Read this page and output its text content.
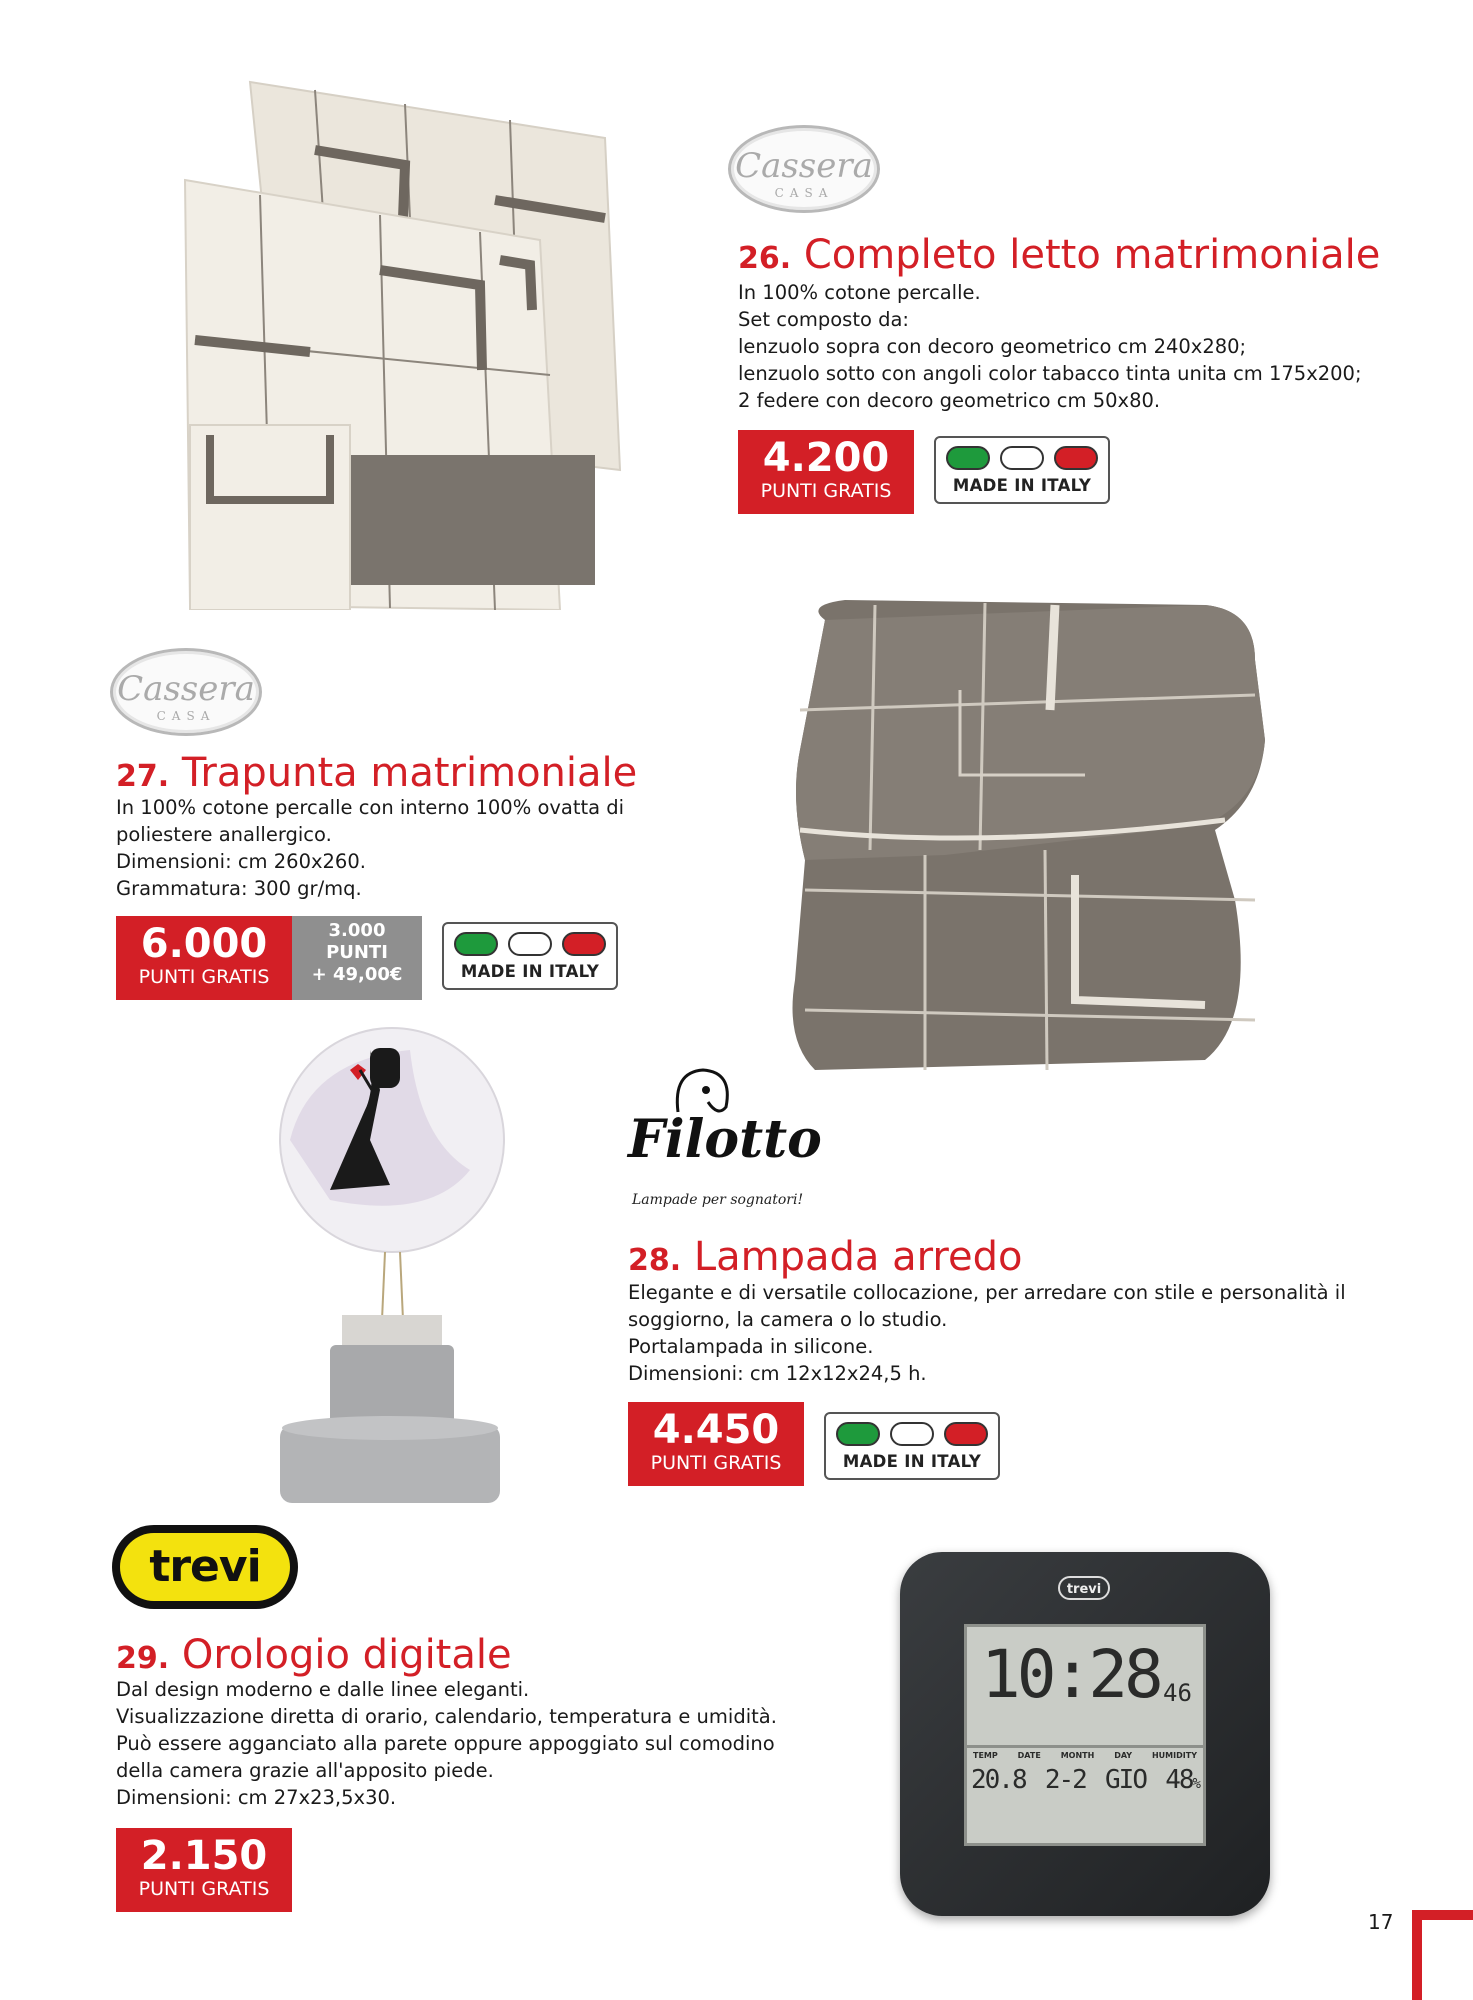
Cassera
CASA
26. Completo letto matrimoniale
In 100% cotone percalle.
Set composto da:
lenzuolo sopra con decoro geometrico cm 240x280;
lenzuolo sotto con angoli color tabacco tinta unita cm 175x200;
2 federe con decoro geometrico cm 50x80.
4.200
PUNTI GRATIS	MADE IN ITALY
Cassera
CASA
27. Trapunta matrimoniale
In 100% cotone percalle con interno 100% ovatta di
poliestere anallergico.
Dimensioni: cm 260x260.
Grammatura: 300 gr/mq.
6.000
PUNTI GRATIS
3.000
PUNTI
+ 49,00€	MADE IN ITALY
Filotto
Lampade per sognatori!
28. Lampada arredo
Elegante e di versatile collocazione, per arredare con stile e personalità il
soggiorno, la camera o lo studio.
Portalampada in silicone.
Dimensioni: cm 12x12x24,5 h.
4.450
PUNTI GRATIS	MADE IN ITALY
trevi
29. Orologio digitale
Dal design moderno e dalle linee eleganti.
Visualizzazione diretta di orario, calendario, temperatura e umidità.
Può essere agganciato alla parete oppure appoggiato sul comodino
della camera grazie all'apposito piede.
Dimensioni: cm 27x23,5x30.
2.150
PUNTI GRATIS
trevi
10:28 46
TEMP DATE MONTH DAY HUMIDITY
20.8 2-2 GIO 48%
17
